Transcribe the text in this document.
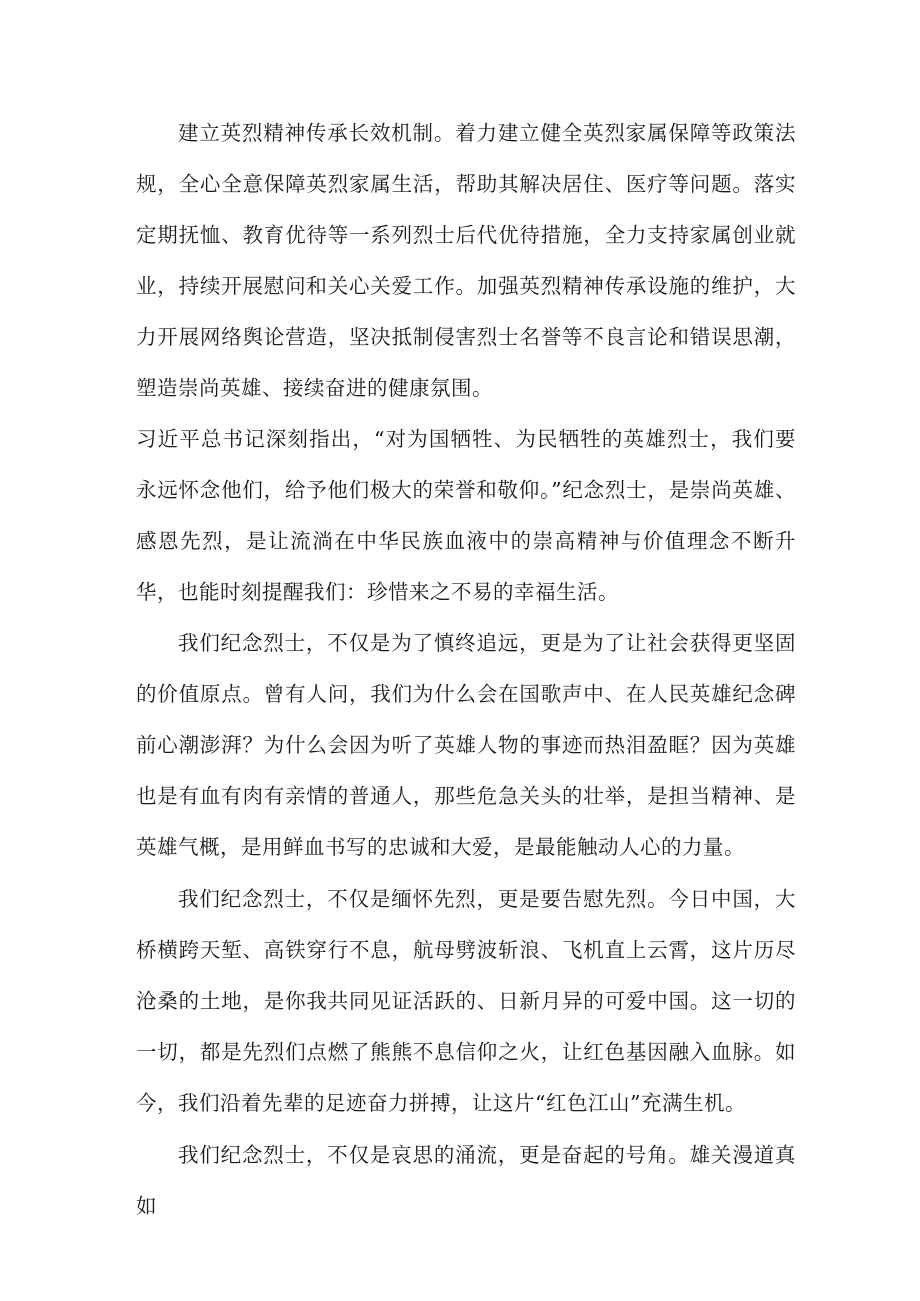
建立英烈精神传承长效机制。着力建立健全英烈家属保障等政策法规，全心全意保障英烈家属生活，帮助其解决居住、医疗等问题。落实定期抚恤、教育优待等一系列烈士后代优待措施，全力支持家属创业就业，持续开展慰问和关心关爱工作。加强英烈精神传承设施的维护，大力开展网络舆论营造，坚决抵制侵害烈士名誉等不良言论和错误思潮，塑造崇尚英雄、接续奋进的健康氛围。

习近平总书记深刻指出，“对为国牺牲、为民牺牲的英雄烈士，我们要永远怀念他们，给予他们极大的荣誉和敬仰。”纪念烈士，是崇尚英雄、感恩先烈，是让流淌在中华民族血液中的崇高精神与价值理念不断升华，也能时刻提醒我们：珍惜来之不易的幸福生活。

我们纪念烈士，不仅是为了慎终追远，更是为了让社会获得更坚固的价值原点。曾有人问，我们为什么会在国歌声中、在人民英雄纪念碑前心潮澎湃？为什么会因为听了英雄人物的事迹而热泪盈眶？因为英雄也是有血有肉有亲情的普通人，那些危急关头的壮举，是担当精神、是英雄气概，是用鲜血书写的忠诚和大爱，是最能触动人心的力量。

我们纪念烈士，不仅是缅怀先烈，更是要告慰先烈。今日中国，大桥横跨天堑、高铁穿行不息，航母劈波斩浪、飞机直上云霄，这片历尽沧桑的土地，是你我共同见证活跃的、日新月异的可爱中国。这一切的一切，都是先烈们点燃了熊熊不息信仰之火，让红色基因融入血脉。如今，我们沿着先辈的足迹奋力拼搏，让这片“红色江山”充满生机。

我们纪念烈士，不仅是哀思的涌流，更是奋起的号角。雄关漫道真如
